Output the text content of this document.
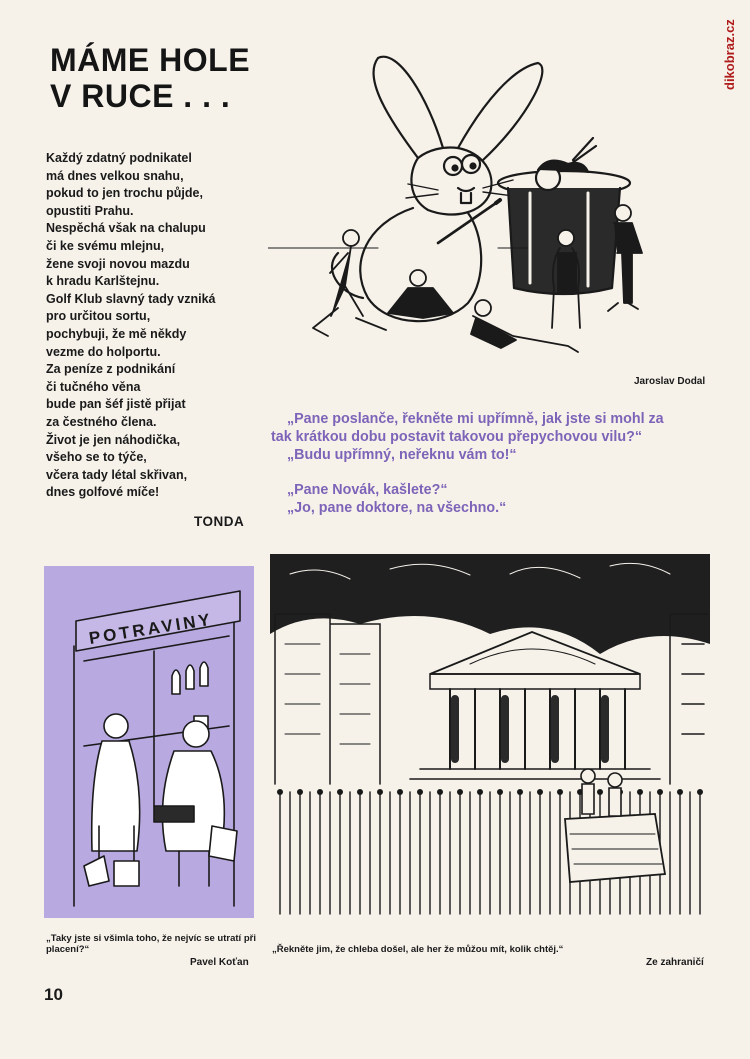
dikobraz.cz
MÁME HOLE
V RUCE . . .
Každý zdatný podnikatel
má dnes velkou snahu,
pokud to jen trochu půjde,
opustiti Prahu.
Nespěchá však na chalupu
či ke svému mlejnu,
žene svoji novou mazdu
k hradu Karlštejnu.
Golf Klub slavný tady vzniká
pro určitou sortu,
pochybuji, že mě někdy
vezme do holportu.
Za peníze z podnikání
či tučného věna
bude pan šéf jistě přijat
za čestného člena.
Život je jen náhodička,
všeho se to týče,
včera tady létal skřivan,
dnes golfové míče!
TONDA
Jaroslav Dodal
„Pane poslanče, řekněte mi upřímně, jak jste si mohl za
tak krátkou dobu postavit takovou přepychovou vilu?“
„Budu upřímný, neřeknu vám to!“
„Pane Novák, kašlete?“
„Jo, pane doktore, na všechno.“
POTRAVINY
„Taky jste si všimla toho, že nejvíc se utratí při placení?“
Pavel Koťan
„Řekněte jim, že chleba došel, ale her že můžou mít, kolik chtěj.“
Ze zahraničí
10
